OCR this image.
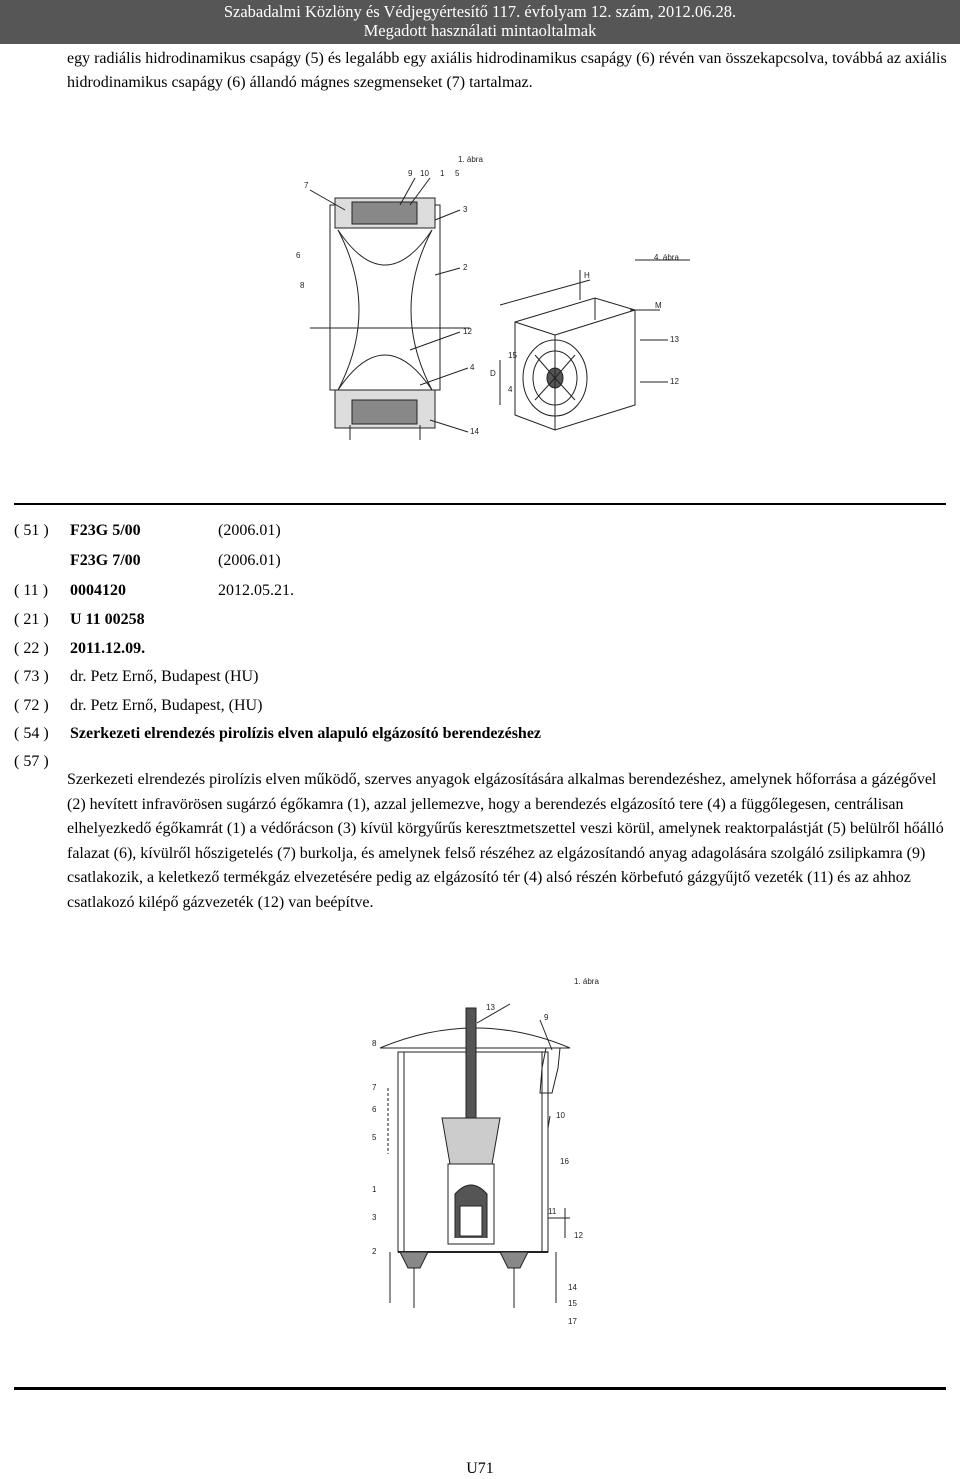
Szabadalmi Közlöny és Védjegyértesítő 117. évfolyam 12. szám, 2012.06.28.
Megadott használati mintaoltalmak
egy radiális hidrodinamikus csapágy (5) és legalább egy axiális hidrodinamikus csapágy (6) révén van összekapcsolva, továbbá az axiális hidrodinamikus csapágy (6) állandó mágnes szegmenseket (7) tartalmaz.
1. ábra
4. ábra
7
9 10 1 5
3
6
8
2
12
4
14
H
M
13
15
D
4
12
( 51 ) F23G 5/00	(2006.01)
F23G 7/00	(2006.01)
( 11 ) 0004120	2012.05.21.
( 21 ) U 11 00258
( 22 ) 2011.12.09.
( 73 ) dr. Petz Ernő, Budapest (HU)
( 72 ) dr. Petz Ernő, Budapest, (HU)
( 54 ) Szerkezeti elrendezés pirolízis elven alapuló elgázosító berendezéshez
( 57 )
Szerkezeti elrendezés pirolízis elven működő, szerves anyagok elgázosítására alkalmas berendezéshez, amelynek hőforrása a gázégővel (2) hevített infravörösen sugárzó égőkamra (1), azzal jellemezve, hogy a berendezés elgázosító tere (4) a függőlegesen, centrálisan elhelyezkedő égőkamrát (1) a védőrácson (3) kívül körgyűrűs keresztmetszettel veszi körül, amelynek reaktorpalástját (5) belülről hőálló falazat (6), kívülről hőszigetelés (7) burkolja, és amelynek felső részéhez az elgázosítandó anyag adagolására szolgáló zsilipkamra (9) csatlakozik, a keletkező termékgáz elvezetésére pedig az elgázosító tér (4) alsó részén körbefutó gázgyűjtő vezeték (11) és az ahhoz csatlakozó kilépő gázvezeték (12) van beépítve.
1. ábra
8
7
6
5
1
3
2
13
9
10
16
11
12
14
15
17
U71
